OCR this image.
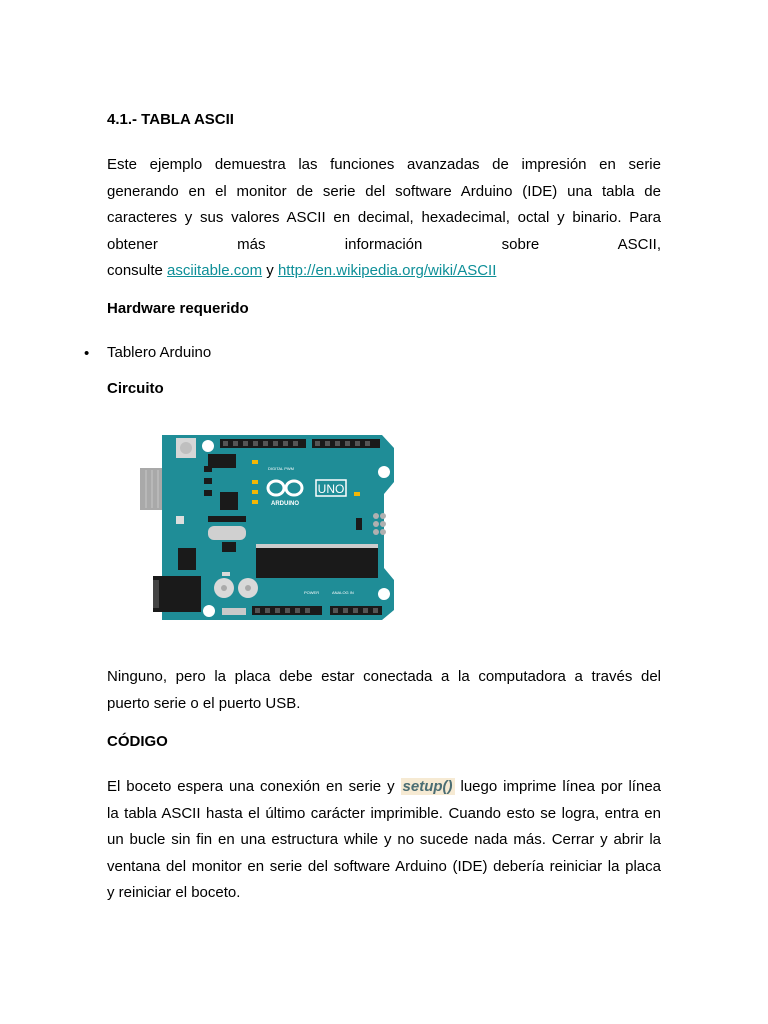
4.1.- TABLA ASCII
Este ejemplo demuestra las funciones avanzadas de impresión en serie
generando en el monitor de serie del software Arduino (IDE) una tabla de
caracteres y sus valores ASCII en decimal, hexadecimal, octal y binario. Para
obtener más información sobre ASCII,
consulte asciitable.com y http://en.wikipedia.org/wiki/ASCII
Hardware requerido
• Tablero Arduino
Circuito
DIGITAL PWM
UNO
ARDUINO
POWER	ANALOG IN
Ninguno, pero la placa debe estar conectada a la computadora a través del
puerto serie o el puerto USB.
CÓDIGO
El boceto espera una conexión en serie y setup() luego imprime línea por línea
la tabla ASCII hasta el último carácter imprimible. Cuando esto se logra, entra en
un bucle sin fin en una estructura while y no sucede nada más. Cerrar y abrir la
ventana del monitor en serie del software Arduino (IDE) debería reiniciar la placa
y reiniciar el boceto.
